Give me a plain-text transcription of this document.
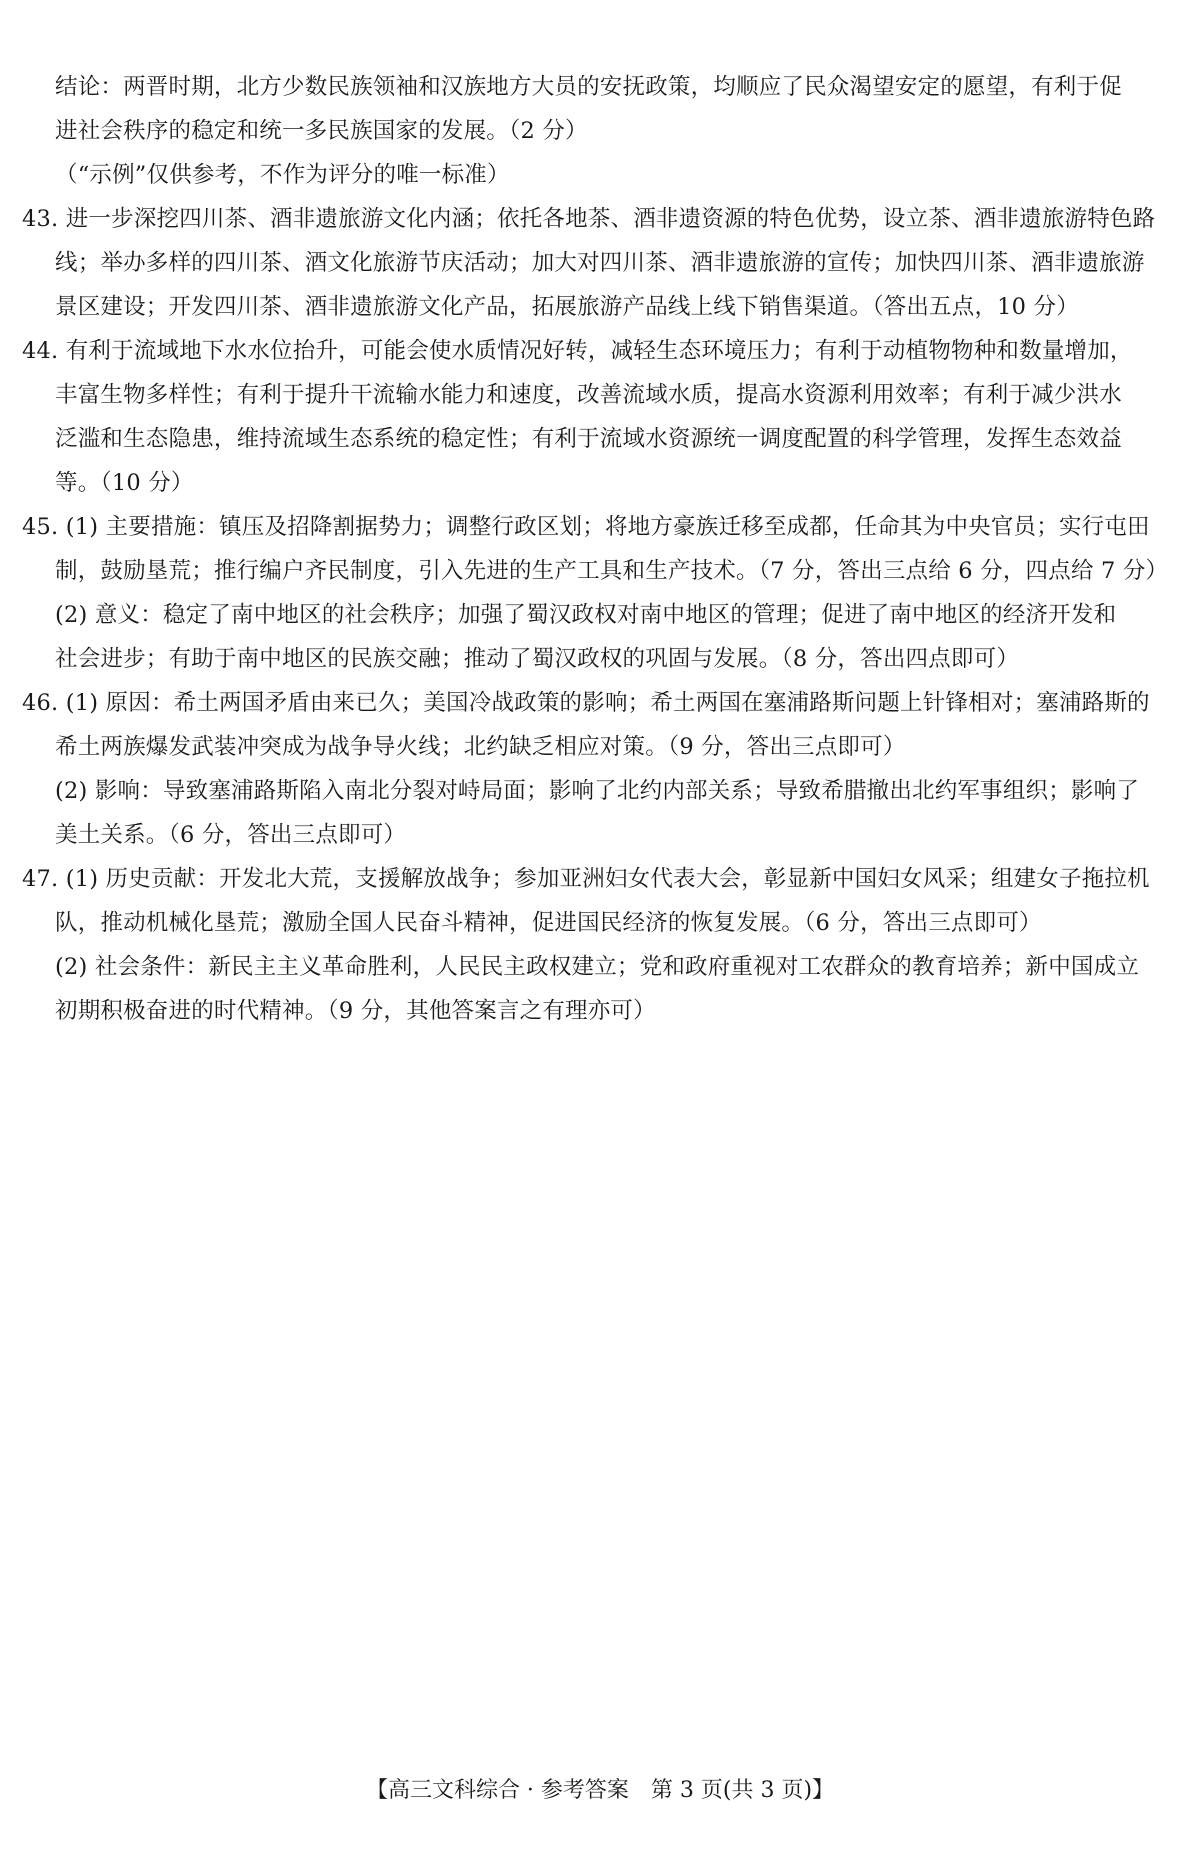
结论：两晋时期，北方少数民族领袖和汉族地方大员的安抚政策，均顺应了民众渴望安定的愿望，有利于促
进社会秩序的稳定和统一多民族国家的发展。（2 分）
（“示例”仅供参考，不作为评分的唯一标准）
43. 进一步深挖四川茶、酒非遗旅游文化内涵；依托各地茶、酒非遗资源的特色优势，设立茶、酒非遗旅游特色路
线；举办多样的四川茶、酒文化旅游节庆活动；加大对四川茶、酒非遗旅游的宣传；加快四川茶、酒非遗旅游
景区建设；开发四川茶、酒非遗旅游文化产品，拓展旅游产品线上线下销售渠道。（答出五点，10 分）
44. 有利于流域地下水水位抬升，可能会使水质情况好转，减轻生态环境压力；有利于动植物物种和数量增加，
丰富生物多样性；有利于提升干流输水能力和速度，改善流域水质，提高水资源利用效率；有利于减少洪水
泛滥和生态隐患，维持流域生态系统的稳定性；有利于流域水资源统一调度配置的科学管理，发挥生态效益
等。（10 分）
45. (1) 主要措施：镇压及招降割据势力；调整行政区划；将地方豪族迁移至成都，任命其为中央官员；实行屯田
制，鼓励垦荒；推行编户齐民制度，引入先进的生产工具和生产技术。（7 分，答出三点给 6 分，四点给 7 分）
(2) 意义：稳定了南中地区的社会秩序；加强了蜀汉政权对南中地区的管理；促进了南中地区的经济开发和
社会进步；有助于南中地区的民族交融；推动了蜀汉政权的巩固与发展。（8 分，答出四点即可）
46. (1) 原因：希土两国矛盾由来已久；美国冷战政策的影响；希土两国在塞浦路斯问题上针锋相对；塞浦路斯的
希土两族爆发武装冲突成为战争导火线；北约缺乏相应对策。（9 分，答出三点即可）
(2) 影响：导致塞浦路斯陷入南北分裂对峙局面；影响了北约内部关系；导致希腊撤出北约军事组织；影响了
美土关系。（6 分，答出三点即可）
47. (1) 历史贡献：开发北大荒，支援解放战争；参加亚洲妇女代表大会，彰显新中国妇女风采；组建女子拖拉机
队，推动机械化垦荒；激励全国人民奋斗精神，促进国民经济的恢复发展。（6 分，答出三点即可）
(2) 社会条件：新民主主义革命胜利，人民民主政权建立；党和政府重视对工农群众的教育培养；新中国成立
初期积极奋进的时代精神。（9 分，其他答案言之有理亦可）
【高三文科综合 · 参考答案　第 3 页(共 3 页)】
